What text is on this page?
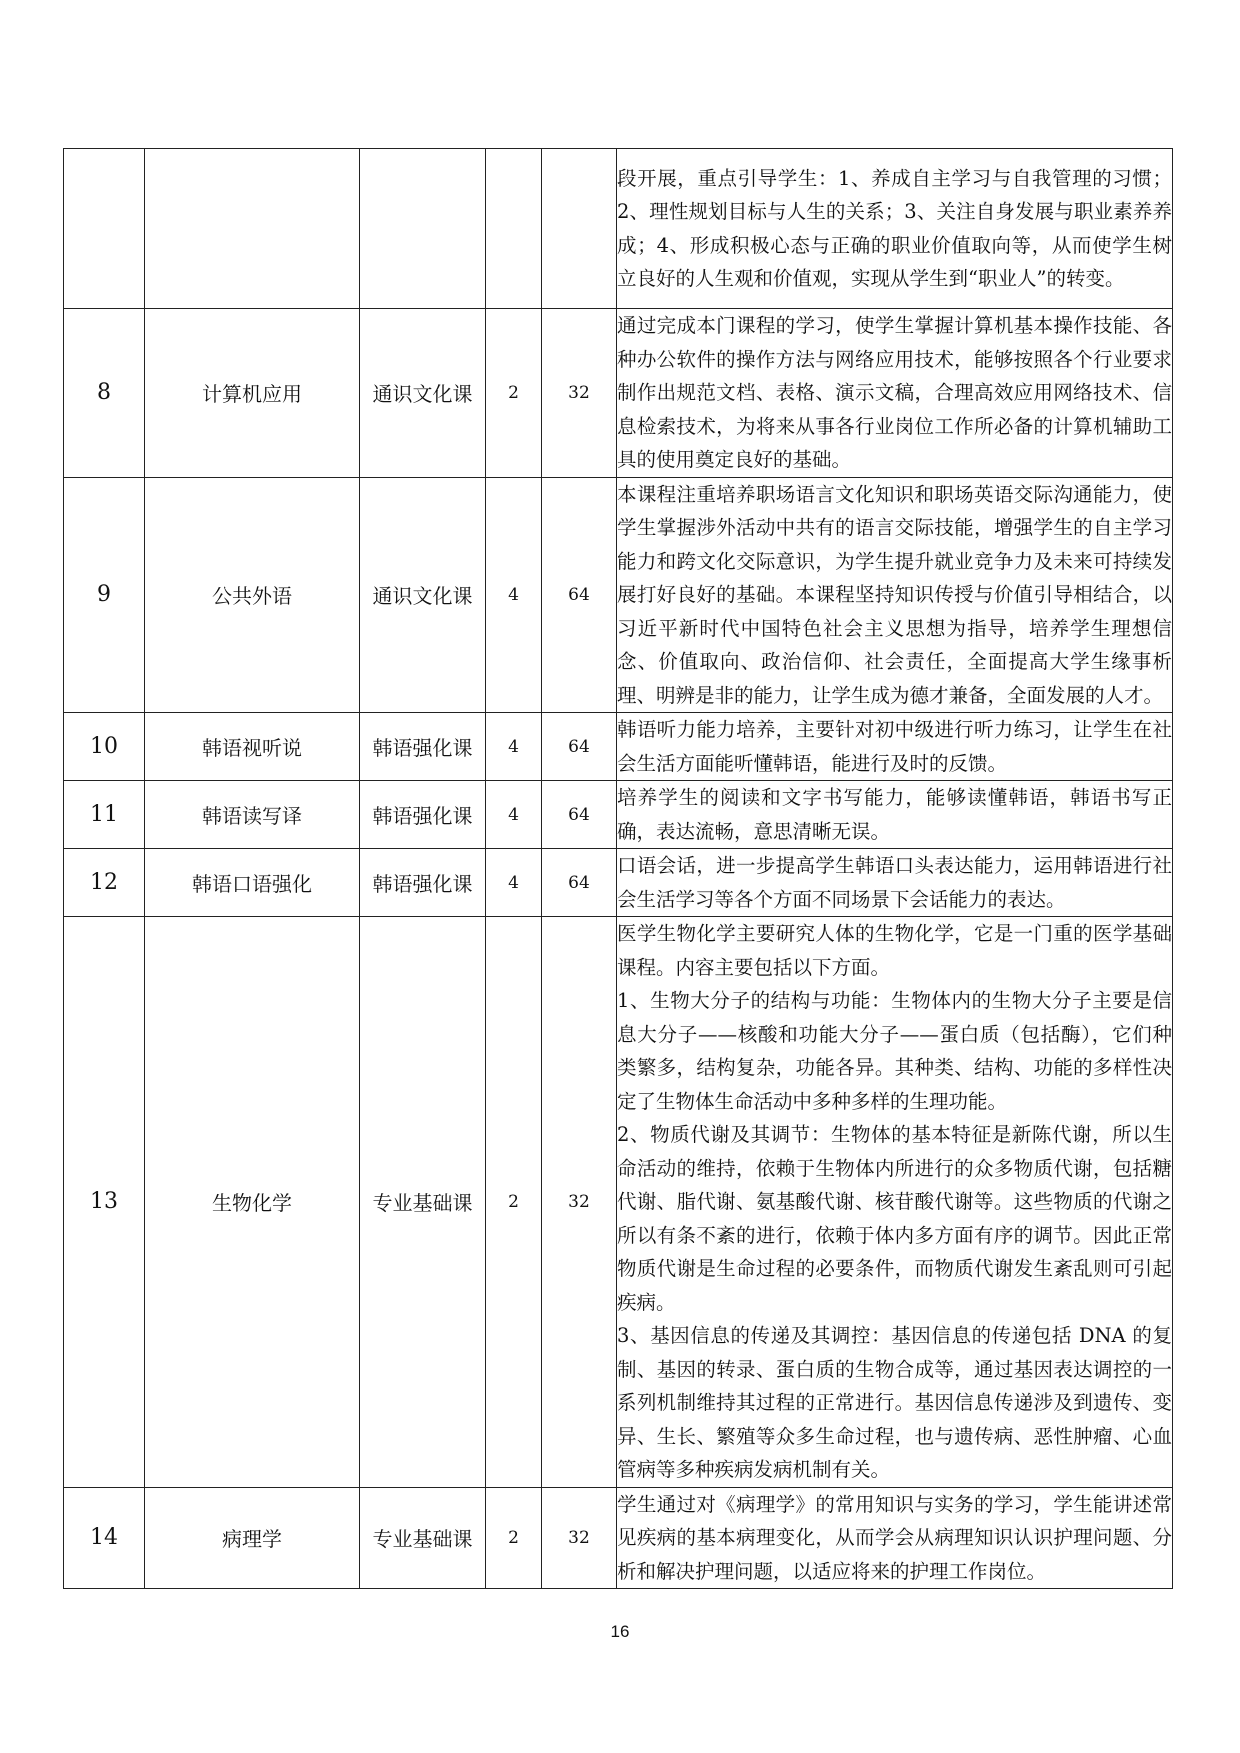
					段开展，重点引导学生：1、养成自主学习与自我管理的习惯；2、理性规划目标与人生的关系；3、关注自身发展与职业素养养成；4、形成积极心态与正确的职业价值取向等，从而使学生树立良好的人生观和价值观，实现从学生到“职业人”的转变。

8	计算机应用	通识文化课	2	32	通过完成本门课程的学习，使学生掌握计算机基本操作技能、各种办公软件的操作方法与网络应用技术，能够按照各个行业要求制作出规范文档、表格、演示文稿，合理高效应用网络技术、信息检索技术，为将来从事各行业岗位工作所必备的计算机辅助工具的使用奠定良好的基础。

9	公共外语	通识文化课	4	64	本课程注重培养职场语言文化知识和职场英语交际沟通能力，使学生掌握涉外活动中共有的语言交际技能，增强学生的自主学习能力和跨文化交际意识，为学生提升就业竞争力及未来可持续发展打好良好的基础。本课程坚持知识传授与价值引导相结合，以习近平新时代中国特色社会主义思想为指导，培养学生理想信念、价值取向、政治信仰、社会责任，全面提高大学生缘事析理、明辨是非的能力，让学生成为德才兼备，全面发展的人才。

10	韩语视听说	韩语强化课	4	64	韩语听力能力培养，主要针对初中级进行听力练习，让学生在社会生活方面能听懂韩语，能进行及时的反馈。

11	韩语读写译	韩语强化课	4	64	培养学生的阅读和文字书写能力，能够读懂韩语，韩语书写正确，表达流畅，意思清晰无误。

12	韩语口语强化	韩语强化课	4	64	口语会话，进一步提高学生韩语口头表达能力，运用韩语进行社会生活学习等各个方面不同场景下会话能力的表达。

13	生物化学	专业基础课	2	32	医学生物化学主要研究人体的生物化学，它是一门重的医学基础课程。内容主要包括以下方面。
1、生物大分子的结构与功能：生物体内的生物大分子主要是信息大分子——核酸和功能大分子——蛋白质（包括酶），它们种类繁多，结构复杂，功能各异。其种类、结构、功能的多样性决定了生物体生命活动中多种多样的生理功能。
2、物质代谢及其调节：生物体的基本特征是新陈代谢，所以生命活动的维持，依赖于生物体内所进行的众多物质代谢，包括糖代谢、脂代谢、氨基酸代谢、核苷酸代谢等。这些物质的代谢之所以有条不紊的进行，依赖于体内多方面有序的调节。因此正常物质代谢是生命过程的必要条件，而物质代谢发生紊乱则可引起疾病。
3、基因信息的传递及其调控：基因信息的传递包括 DNA 的复制、基因的转录、蛋白质的生物合成等，通过基因表达调控的一系列机制维持其过程的正常进行。基因信息传递涉及到遗传、变异、生长、繁殖等众多生命过程，也与遗传病、恶性肿瘤、心血管病等多种疾病发病机制有关。

14	病理学	专业基础课	2	32	学生通过对《病理学》的常用知识与实务的学习，学生能讲述常见疾病的基本病理变化，从而学会从病理知识认识护理问题、分析和解决护理问题，以适应将来的护理工作岗位。
16
